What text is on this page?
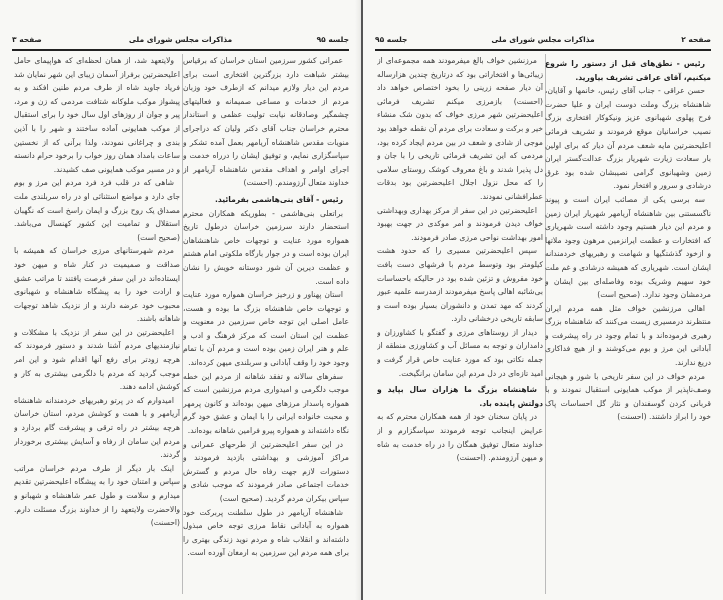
جلسه ۹۵
مذاكرات مجلس شوراى ملى
صفحه ۳

عمرانی کشور سرزمین استان خراسان که برقیاس بیشتر شباهت دارد بزرگترین افتخاری است برای مردم این دیار ولازم میدانم که ازطرف خود وزبان مردم از خدمات و مساعی صمیمانه و فعالیتهای چشمگیر وصادقانه نیابت تولیت عظمی و استاندار محترم خراسان جناب آقای دکتر ولیان که دراجرای منویات مقدس شاهنشاه آریامهر بعمل آمده تشکر و سپاسگزاری نمایم، و توفیق ایشان را درراه خدمت و اجرای اوامر و اهداف مقدس شاهنشاه آریامهر از خداوند متعال آرزومندم. (احسنت)

رئیس - آقای بنی‌هاشمی بفرمائید.

براتعلی بنی‌هاشمی - بطوریکه همکاران محترم استحضار دارند سرزمین خراسان درطول تاریخ همواره مورد عنایت و توجهات خاص شاهنشاهان ایران بوده است و در جوار بارگاه ملکوتی امام هشتم و عظمت دیرین آن شور دوستانه خویش را نشان داده است.

استان پهناور و زرخیز خراسان همواره مورد عنایت و توجهات خاص شاهنشاه بزرگ ما بوده و هست، عامل اصلی این توجه خاص سرزمین در معنویت و عظمت این استان است که مرکز فرهنگ و ادب و علم و هنر ایران زمین بوده است و مردم آن با تمام وجود خود را وقف آبادانی و سربلندی میهن کرده‌اند.

سفرهای سالانه و تفقد شاهانه از مردم این خطه موجب دلگرمی و امیدواری مردم مرزنشین است که همواره پاسدار مرزهای میهن بوده‌اند و کانون پرمهر و محبت خانواده ایرانی را با ایمان و عشق خود گرم نگاه داشته‌اند و همواره پیرو فرامین شاهانه بوده‌اند.

در این سفر اعلیحضرتین از طرحهای عمرانی و مراکز آموزشی و بهداشتی بازدید فرمودند و دستورات لازم جهت رفاه حال مردم و گسترش خدمات اجتماعی صادر فرمودند که موجب شادی و سپاس بیکران مردم گردید. (صحیح است)

شاهنشاه آریامهر در طول سلطنت پربرکت خود همواره به آبادانی نقاط مرزی توجه خاص مبذول داشته‌اند و انقلاب شاه و مردم نوید زندگی بهتری را برای همه مردم این سرزمین به ارمغان آورده است.

ولایتعهد شد، از همان لحظه‌ای که هواپیمای حامل اعلیحضرتین برفراز آسمان زیبای این شهر نمایان شد فریاد جاوید شاه از طرف مردم طنین افکند و به پیشواز موکب ملوکانه شتافت مردمی که زن و مرد، پیر و جوان از روزهای اول سال خود را برای استقبال از موکب همایونی آماده ساختند و شهر را با آذین بندی و چراغانی نمودند، ولذا برآنی که از نخستین ساعات بامداد همان روز خواب را برخود حرام دانسته و در مسیر موکب همایونی صف کشیدند.

شاهی که در قلب فرد فرد مردم این مرز و بوم جای دارد و مواضع استثنائی او در راه سربلندی ملت مصداق یک روح بزرگ و ایمان راسخ است که نگهبان استقلال و تمامیت این کشور کهنسال می‌باشد. (صحیح است)

مردم شهرستانهای مرزی خراسان که همیشه با صداقت و صمیمیت در کنار شاه و میهن خود ایستاده‌اند در این سفر فرصت یافتند تا مراتب عشق و ارادت خود را به پیشگاه شاهنشاه و شهبانوی محبوب خود عرضه دارند و از نزدیک شاهد توجهات شاهانه باشند.

اعلیحضرتین در این سفر از نزدیک با مشکلات و نیازمندیهای مردم آشنا شدند و دستور فرمودند که هرچه زودتر برای رفع آنها اقدام شود و این امر موجب گردید که مردم با دلگرمی بیشتری به کار و کوشش ادامه دهند.

امیدوارم که در پرتو رهبریهای خردمندانه شاهنشاه آریامهر و با همت و کوشش مردم، استان خراسان هرچه بیشتر در راه ترقی و پیشرفت گام بردارد و مردم این سامان از رفاه و آسایش بیشتری برخوردار گردند.

اینک بار دیگر از طرف مردم خراسان مراتب سپاس و امتنان خود را به پیشگاه اعلیحضرتین تقدیم میدارم و سلامت و طول عمر شاهنشاه و شهبانو و والاحضرت ولایتعهد را از خداوند بزرگ مسئلت دارم. (احسنت)

صفحه ۲
مذاكرات مجلس شوراى ملى
جلسه ۹۵

رئیس - نطق‌های قبل از دستور را شروع میکنیم، آقای عراقی تشریف بیاورید.

حسن عراقی - جناب آقای رئیس، خانمها و آقایان، شاهنشاه بزرگ وملت دوست ایران و علیا حضرت فرح پهلوی شهبانوی عزیز ونیکوکار افتخاری بزرگ نصیب خراسانیان موقع فرمودند و تشریف فرمائی اعلیحضرتین مایه شعف مردم آن دیار که برای اولین بار سعادت زیارت شهریار بزرگ عدالت‌گستر ایران زمین وشهبانوی گرامی نصیبشان شده بود غرق درشادی و سرور و افتخار نمود.

سه برسی یکی از مصائب ایران است و پیوند ناگسستنی بین شاهنشاه آریامهر شهریار ایران زمین و مردم این دیار هستیم وجود داشته است شهریاری که افتخارات و عظمت ایرانزمین مرهون وجود ملاتها و ازخود گذشتگیها و شهامت و رهبریهای خردمندانه ایشان است. شهریاری که همیشه درشادی و غم ملت خود سهیم وشریک بوده وفاصله‌ای بین ایشان و مردمشان وجود ندارد. (صحیح است)

اهالی مرزنشین خواف مثل همه مردم ایران منتظرند درمسیری زیست می‌کنند که شاهنشاه بزرگ رهبری فرموده‌اند و با تمام وجود در راه پیشرفت و آبادانی این مرز و بوم می‌کوشند و از هیچ فداکاری دریغ ندارند.

مردم خواف در این سفر تاریخی با شور و هیجانی وصف‌ناپذیر از موکب همایونی استقبال نمودند و با قربانی کردن گوسفندان و نثار گل احساسات پاک خود را ابراز داشتند. (احسنت)

مرزنشین خواف بالغ میفرمودند همه مجموعه‌ای از زیبائی‌ها و افتخاراتی بود که درتاریخ چندین هزارساله آن دیار صفحه زرینی را بخود اختصاص خواهد داد (احسنت) بازمرزی میکنم تشریف فرمائی اعلیحضرتین شهر مرزی خواف که بدون شک منشاء خیر و برکت و سعادت برای مردم آن نقطه خواهد بود موجی از شادی و شعف در بین مردم ایجاد کرده بود، مردمی که این تشریف فرمائی تاریخی را با جان و دل پذیرا شدند و باغ معروف کوشک روستای سلامی را که محل نزول اجلال اعلیحضرتین بود بدقات عطرافشانی نمودند.

اعلیحضرتین در این سفر از مرکز بهداری وبهداشتی خواف دیدن فرمودند و امر موکدی در جهت بهبود امور بهداشت نواحی مرزی صادر فرمودند.

سپس اعلیحضرتین مسیری را که حدود هشت کیلومتر بود وتوسط مردم با فرشهای دست بافت خود مفروش و تزئین شده بود در حالیکه باحساسات بی‌شائبه اهالی پاسخ میفرمودند ازمدرسه علمیه عبور کردند که مهد تمدن و دانشوران بسیار بوده است و سابقه تاریخی درخشانی دارد.

دیدار از روستاهای مرزی و گفتگو با کشاورزان و دامداران و توجه به مسائل آب و کشاورزی منطقه از جمله نکاتی بود که مورد عنایت خاص قرار گرفت و امید تازه‌ای در دل مردم این سامان برانگیخت.

شاهنشاه بزرگ ما هزاران سال بپاید و دولتش پاینده باد.

در پایان سخنان خود از همه همکاران محترم که به عرایض اینجانب توجه فرمودند سپاسگزارم و از خداوند متعال توفیق همگان را در راه خدمت به شاه و میهن آرزومندم. (احسنت)
